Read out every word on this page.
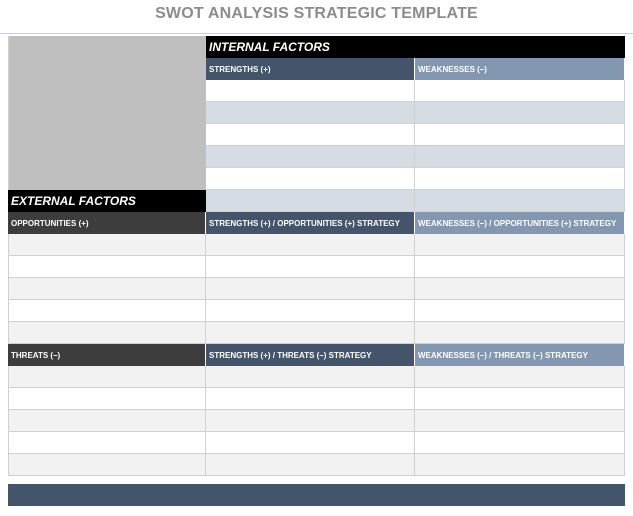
SWOT ANALYSIS STRATEGIC TEMPLATE
INTERNAL FACTORS
STRENGTHS (+)	WEAKNESSES (–)
EXTERNAL FACTORS
OPPORTUNITIES (+)	STRENGTHS (+) / OPPORTUNITIES (+) STRATEGY	WEAKNESSES (–) / OPPORTUNITIES (+) STRATEGY
THREATS (–)	STRENGTHS (+) / THREATS (–) STRATEGY	WEAKNESSES (–) / THREATS (–) STRATEGY
